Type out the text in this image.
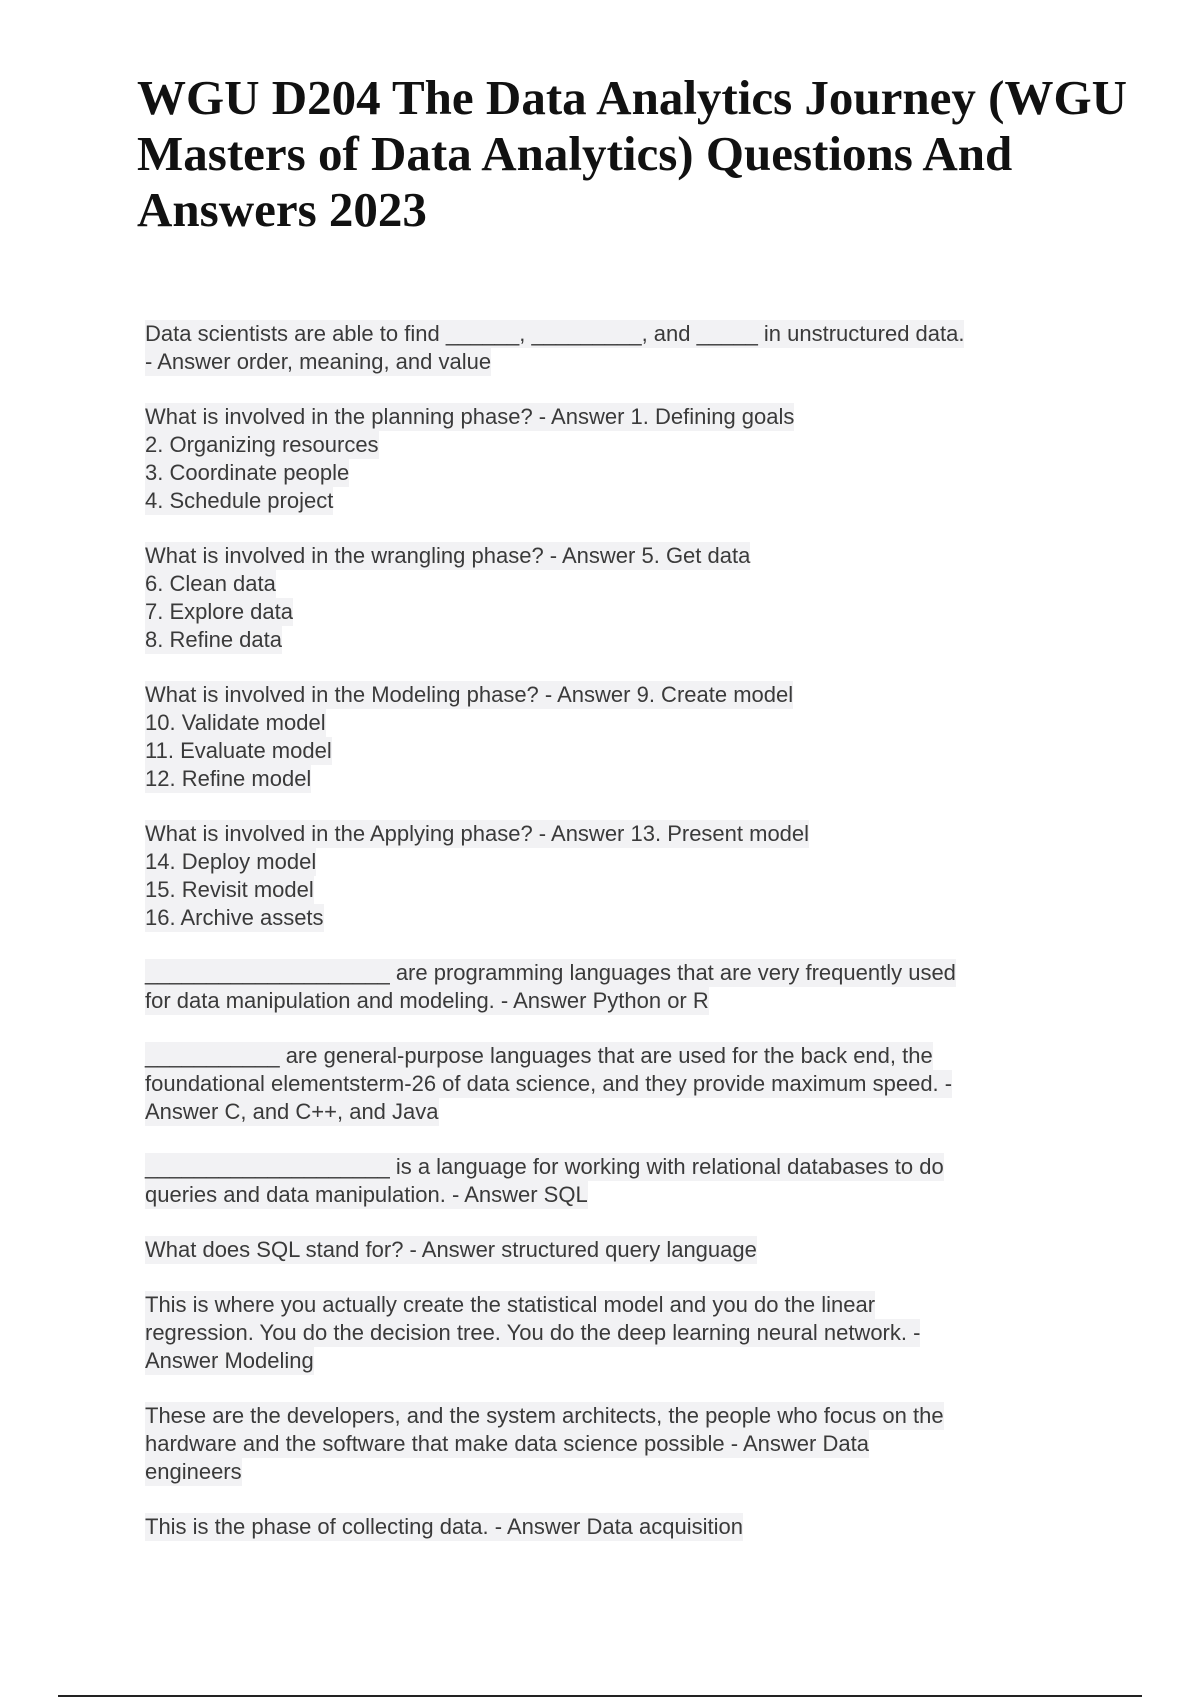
WGU D204 The Data Analytics Journey (WGU Masters of Data Analytics) Questions And Answers 2023
Data scientists are able to find ______, _________, and _____ in unstructured data.
- Answer order, meaning, and value
What is involved in the planning phase? - Answer 1. Defining goals
2. Organizing resources
3. Coordinate people
4. Schedule project
What is involved in the wrangling phase? - Answer 5. Get data
6. Clean data
7. Explore data
8. Refine data
What is involved in the Modeling phase? - Answer 9. Create model
10. Validate model
11. Evaluate model
12. Refine model
What is involved in the Applying phase? - Answer 13. Present model
14. Deploy model
15. Revisit model
16. Archive assets
____________________ are programming languages that are very frequently used
for data manipulation and modeling. - Answer Python or R
___________ are general-purpose languages that are used for the back end, the
foundational elementsterm-26 of data science, and they provide maximum speed. -
Answer C, and C++, and Java
____________________ is a language for working with relational databases to do
queries and data manipulation. - Answer SQL
What does SQL stand for? - Answer structured query language
This is where you actually create the statistical model and you do the linear
regression. You do the decision tree. You do the deep learning neural network. -
Answer Modeling
These are the developers, and the system architects, the people who focus on the
hardware and the software that make data science possible - Answer Data
engineers
This is the phase of collecting data. - Answer Data acquisition
